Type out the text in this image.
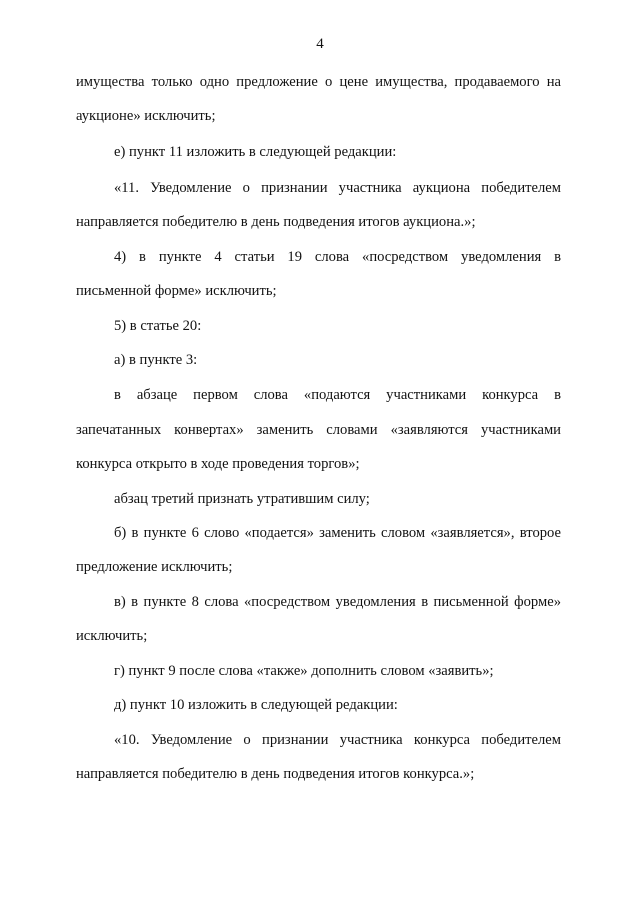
4
имущества только одно предложение о цене имущества, продаваемого на
аукционе» исключить;
е) пункт 11 изложить в следующей редакции:
«11. Уведомление о признании участника аукциона победителем
направляется победителю в день подведения итогов аукциона.»;
4) в пункте 4 статьи 19 слова «посредством уведомления в
письменной форме» исключить;
5) в статье 20:
а) в пункте 3:
в абзаце первом слова «подаются участниками конкурса в
запечатанных конвертах» заменить словами «заявляются участниками
конкурса открыто в ходе проведения торгов»;
абзац третий признать утратившим силу;
б) в пункте 6 слово «подается» заменить словом «заявляется», второе
предложение исключить;
в) в пункте 8 слова «посредством уведомления в письменной форме»
исключить;
г) пункт 9 после слова «также» дополнить словом «заявить»;
д) пункт 10 изложить в следующей редакции:
«10. Уведомление о признании участника конкурса победителем
направляется победителю в день подведения итогов конкурса.»;
